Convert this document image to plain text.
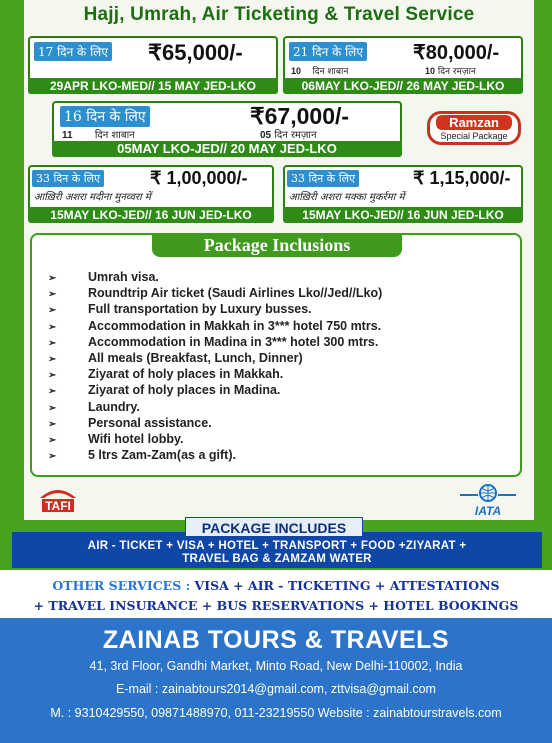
Hajj, Umrah, Air Ticketing & Travel Service
17 दिन के लिए ₹65,000/-
29APR LKO-MED// 15 MAY JED-LKO
21 दिन के लिए	₹80,000/-
10 दिन शाबान	10 दिन रमज़ान
06MAY LKO-JED// 26 MAY JED-LKO
16 दिन के लिए	₹67,000/-
11 दिन शाबान	05 दिन रमज़ान
05MAY LKO-JED// 20 MAY JED-LKO
Ramzan
Special Package
33 दिन के लिए	₹ 1,00,000/-
आख़िरी अशरा मदीना मुनव्वरा में
15MAY LKO-JED// 16 JUN JED-LKO
33 दिन के लिए	₹ 1,15,000/-
आख़िरी अशरा मक्का मुकर्रमा में
15MAY LKO-JED// 16 JUN JED-LKO
Package Inclusions
➢	Umrah visa.
➢	Roundtrip Air ticket (Saudi Airlines Lko//Jed//Lko)
➢	Full transportation by Luxury busses.
➢	Accommodation in Makkah in 3*** hotel 750 mtrs.
➢	Accommodation in Madina in 3*** hotel 300 mtrs.
➢	All meals (Breakfast, Lunch, Dinner)
➢	Ziyarat of holy places in Makkah.
➢	Ziyarat of holy places in Madina.
➢	Laundry.
➢	Personal assistance.
➢	Wifi hotel lobby.
➢	5 ltrs Zam-Zam(as a gift).
TAFI	IATA
PACKAGE INCLUDES
AIR - TICKET + VISA + HOTEL + TRANSPORT + FOOD +ZIYARAT +
TRAVEL BAG & ZAMZAM WATER
OTHER SERVICES : VISA + AIR - TICKETING + ATTESTATIONS
+ TRAVEL INSURANCE + BUS RESERVATIONS + HOTEL BOOKINGS
ZAINAB TOURS & TRAVELS
41, 3rd Floor, Gandhi Market, Minto Road, New Delhi-110002, India
E-mail : zainabtours2014@gmail.com, zttvisa@gmail.com
M. : 9310429550, 09871488970, 011-23219550 Website : zainabtourstravels.com
